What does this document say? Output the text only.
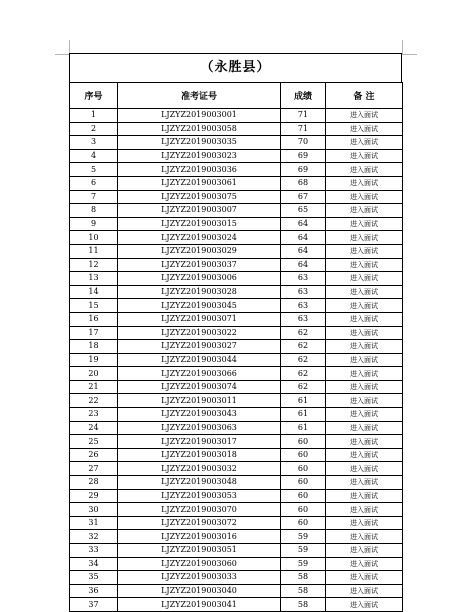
（永胜县）
序号	准考证号	成绩	备 注
1	LJZYZ2019003001	71	进入面试
2	LJZYZ2019003058	71	进入面试
3	LJZYZ2019003035	70	进入面试
4	LJZYZ2019003023	69	进入面试
5	LJZYZ2019003036	69	进入面试
6	LJZYZ2019003061	68	进入面试
7	LJZYZ2019003075	67	进入面试
8	LJZYZ2019003007	65	进入面试
9	LJZYZ2019003015	64	进入面试
10	LJZYZ2019003024	64	进入面试
11	LJZYZ2019003029	64	进入面试
12	LJZYZ2019003037	64	进入面试
13	LJZYZ2019003006	63	进入面试
14	LJZYZ2019003028	63	进入面试
15	LJZYZ2019003045	63	进入面试
16	LJZYZ2019003071	63	进入面试
17	LJZYZ2019003022	62	进入面试
18	LJZYZ2019003027	62	进入面试
19	LJZYZ2019003044	62	进入面试
20	LJZYZ2019003066	62	进入面试
21	LJZYZ2019003074	62	进入面试
22	LJZYZ2019003011	61	进入面试
23	LJZYZ2019003043	61	进入面试
24	LJZYZ2019003063	61	进入面试
25	LJZYZ2019003017	60	进入面试
26	LJZYZ2019003018	60	进入面试
27	LJZYZ2019003032	60	进入面试
28	LJZYZ2019003048	60	进入面试
29	LJZYZ2019003053	60	进入面试
30	LJZYZ2019003070	60	进入面试
31	LJZYZ2019003072	60	进入面试
32	LJZYZ2019003016	59	进入面试
33	LJZYZ2019003051	59	进入面试
34	LJZYZ2019003060	59	进入面试
35	LJZYZ2019003033	58	进入面试
36	LJZYZ2019003040	58	进入面试
37	LJZYZ2019003041	58	进入面试
